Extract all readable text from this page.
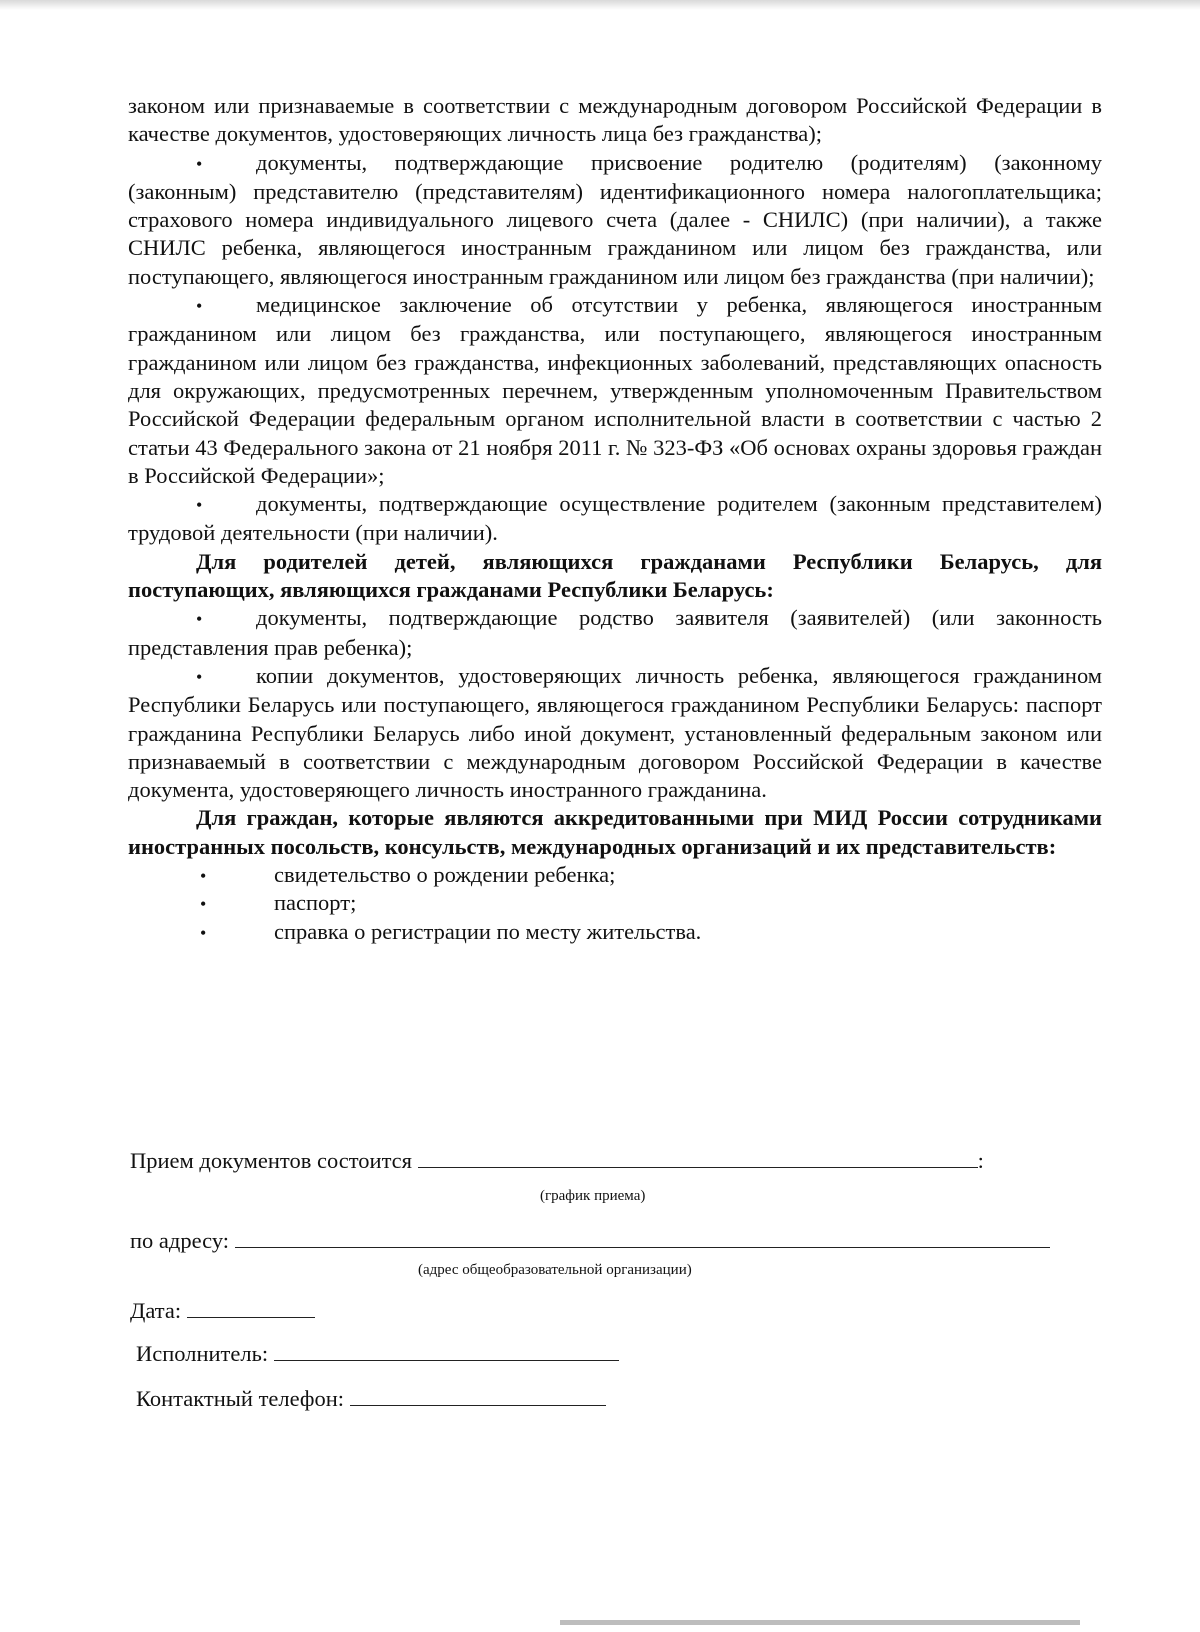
законом или признаваемые в соответствии с международным договором Российской Федерации в качестве документов, удостоверяющих личность лица без гражданства);

•документы, подтверждающие присвоение родителю (родителям) (законному (законным) представителю (представителям) идентификационного номера налогоплательщика; страхового номера индивидуального лицевого счета (далее - СНИЛС) (при наличии), а также СНИЛС ребенка, являющегося иностранным гражданином или лицом без гражданства, или поступающего, являющегося иностранным гражданином или лицом без гражданства (при наличии);

•медицинское заключение об отсутствии у ребенка, являющегося иностранным гражданином или лицом без гражданства, или поступающего, являющегося иностранным гражданином или лицом без гражданства, инфекционных заболеваний, представляющих опасность для окружающих, предусмотренных перечнем, утвержденным уполномоченным Правительством Российской Федерации федеральным органом исполнительной власти в соответствии с частью 2 статьи 43 Федерального закона от 21 ноября 2011 г. № 323-ФЗ «Об основах охраны здоровья граждан в Российской Федерации»;

•документы, подтверждающие осуществление родителем (законным представителем) трудовой деятельности (при наличии).

Для родителей детей, являющихся гражданами Республики Беларусь, для поступающих, являющихся гражданами Республики Беларусь:

•документы, подтверждающие родство заявителя (заявителей) (или законность представления прав ребенка);

•копии документов, удостоверяющих личность ребенка, являющегося гражданином Республики Беларусь или поступающего, являющегося гражданином Республики Беларусь: паспорт гражданина Республики Беларусь либо иной документ, установленный федеральным законом или признаваемый в соответствии с международным договором Российской Федерации в качестве документа, удостоверяющего личность иностранного гражданина.

Для граждан, которые являются аккредитованными при МИД России сотрудниками иностранных посольств, консульств, международных организаций и их представительств:

•
свидетельство о рождении ребенка;
•
паспорт;
•
справка о регистрации по месту жительства.
Прием документов состоится	:
(график приема)
по адресу:
(адрес общеобразовательной организации)
Дата:
Исполнитель:
Контактный телефон:
